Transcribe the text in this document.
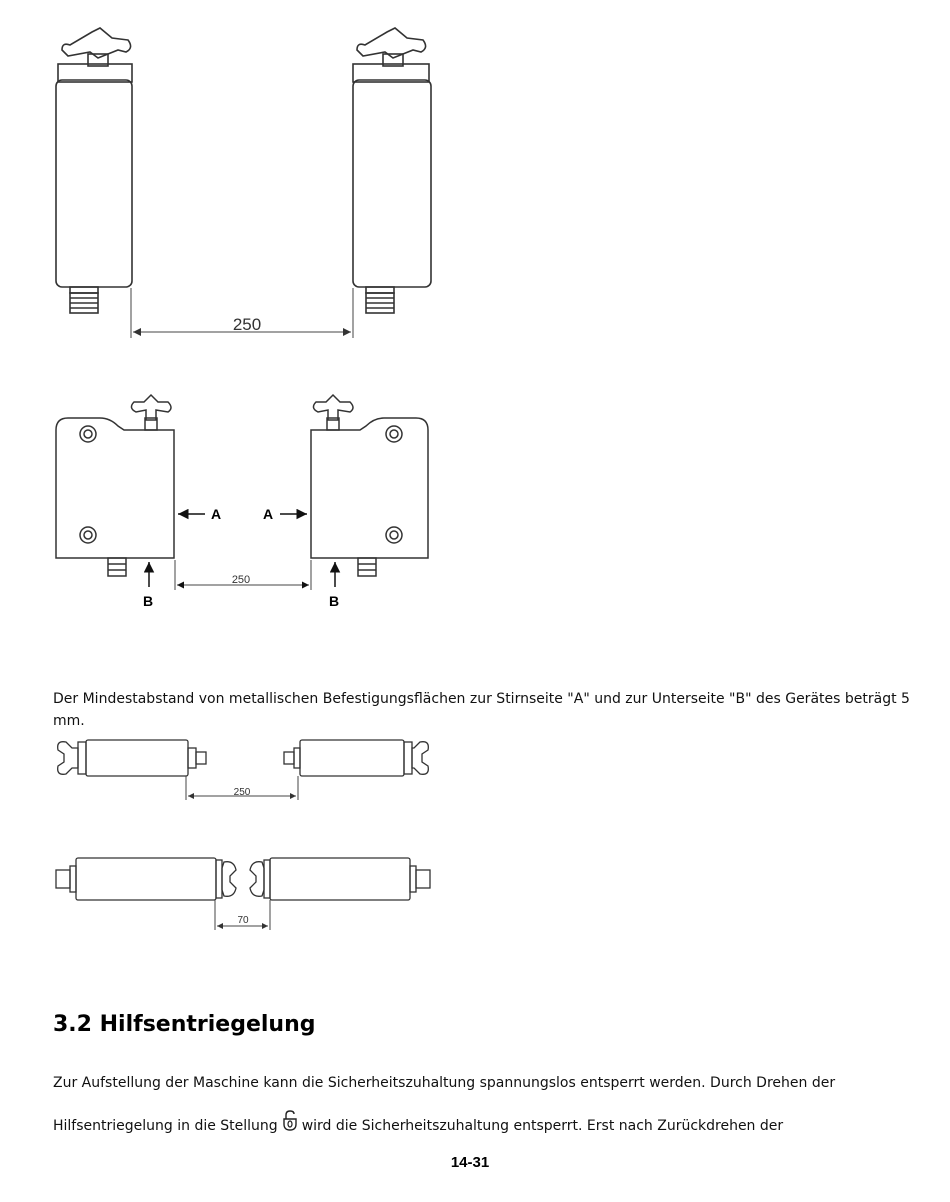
250
A	A
B	B
250

Der Mindestabstand von metallischen Befestigungsflächen zur Stirnseite "A" und zur Unterseite "B" des Gerätes beträgt 5 mm.

250
70
3.2 Hilfsentriegelung

Zur Aufstellung der Maschine kann die Sicherheitszuhaltung spannungslos entsperrt werden. Durch Drehen der

Hilfsentriegelung in die Stellung wird die Sicherheitszuhaltung entsperrt. Erst nach Zurückdrehen der

14-31
